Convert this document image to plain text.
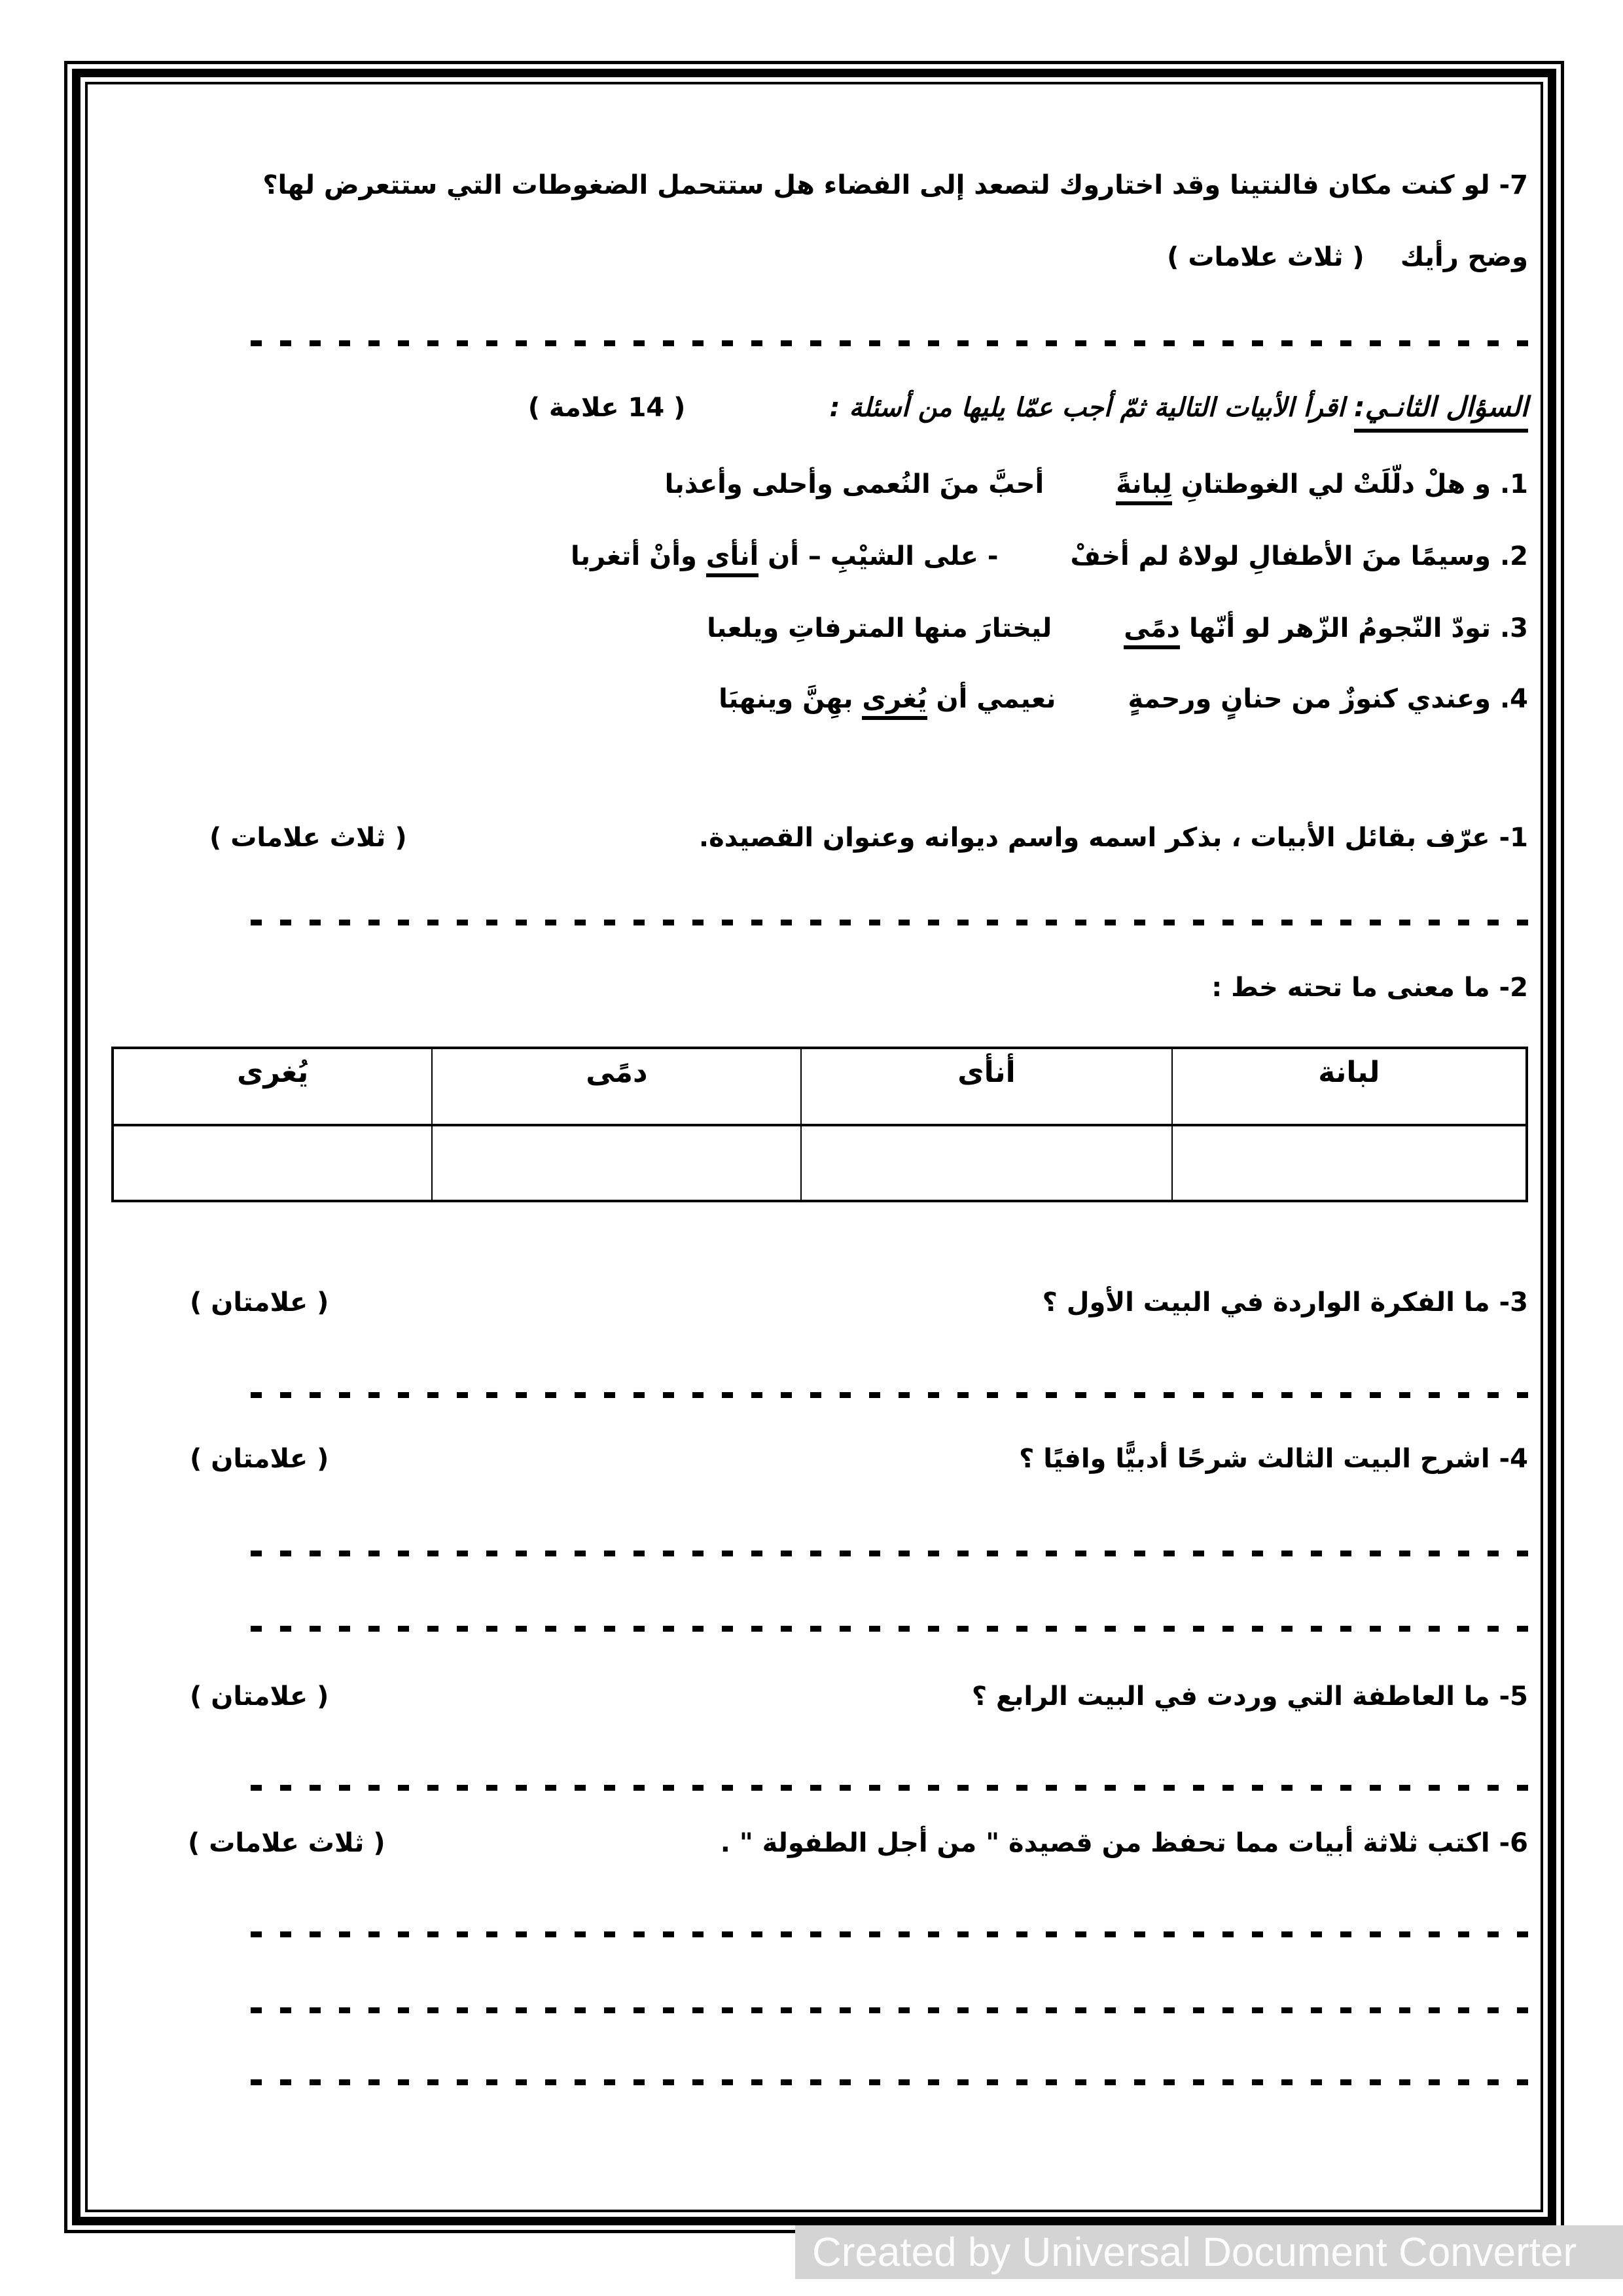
7- لو كنت مكان فالنتينا وقد اختاروك لتصعد إلى الفضاء هل ستتحمل الضغوطات التي ستتعرض لها؟
وضح رأيك
( ثلاث علامات )
السؤال الثانـي:
اقرأ الأبيات التالية ثمّ أجب عمّا يليها من أسئلة :
( 14 علامة )
1. و هلْ دلّلَتْ لي الغوطتانِ لِبانةً
أحبَّ منَ النُعمى وأحلى وأعذبا
2. وسيمًا منَ الأطفالِ لولاهُ لم أخفْ
- على الشيْبِ – أن أنأى وأنْ أتغربا
3. تودّ النّجومُ الزّهر لو أنّها دمًى
ليختارَ منها المترفاتِ ويلعبا
4. وعندي كنوزٌ من حنانٍ ورحمةٍ
نعيمي أن يُغرى بهِنَّ وينهبَا
1- عرّف بقائل الأبيات ، بذكر اسمه واسم ديوانه وعنوان القصيدة.
( ثلاث علامات )
2- ما معنى ما تحته خط :
لبانة	أنأى	دمًى	يُغرى

3- ما الفكرة الواردة في البيت الأول ؟
( علامتان )
4- اشرح البيت الثالث شرحًا أدبيًّا وافيًا ؟
( علامتان )
5- ما العاطفة التي وردت في البيت الرابع ؟
( علامتان )
6- اكتب ثلاثة أبيات مما تحفظ من قصيدة " من أجل الطفولة " .
( ثلاث علامات )
Created by Universal Document Converter
